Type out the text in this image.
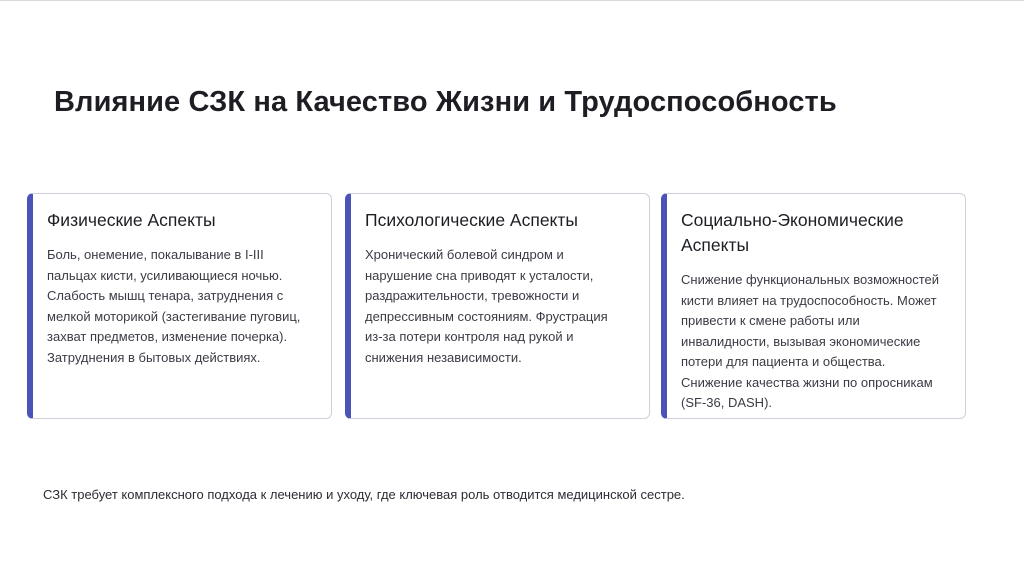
Влияние СЗК на Качество Жизни и Трудоспособность
Физические Аспекты

Боль, онемение, покалывание в I-III
пальцах кисти, усиливающиеся ночью.
Слабость мышц тенара, затруднения с
мелкой моторикой (застегивание пуговиц,
захват предметов, изменение почерка).
Затруднения в бытовых действиях.

Психологические Аспекты

Хронический болевой синдром и
нарушение сна приводят к усталости,
раздражительности, тревожности и
депрессивным состояниям. Фрустрация
из-за потери контроля над рукой и
снижения независимости.

Социально-Экономические
Аспекты

Снижение функциональных возможностей
кисти влияет на трудоспособность. Может
привести к смене работы или
инвалидности, вызывая экономические
потери для пациента и общества.
Снижение качества жизни по опросникам
(SF-36, DASH).

СЗК требует комплексного подхода к лечению и уходу, где ключевая роль отводится медицинской сестре.
